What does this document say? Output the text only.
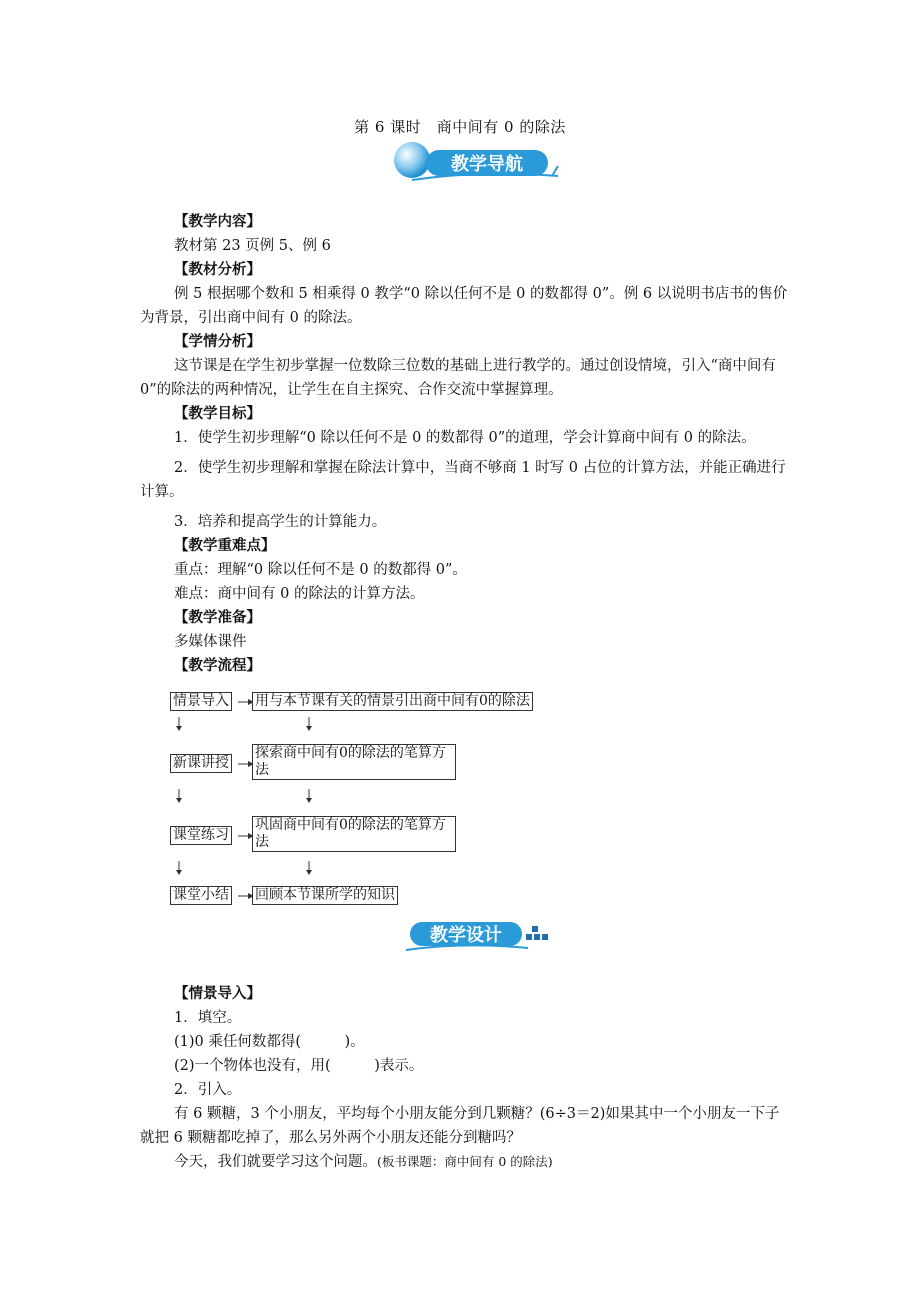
第 6 课时　商中间有 0 的除法
教学导航
【教学内容】
教材第 23 页例 5、例 6
【教材分析】
例 5 根据哪个数和 5 相乘得 0 教学“0 除以任何不是 0 的数都得 0”。例 6 以说明书店书的售价为背景，引出商中间有 0 的除法。
【学情分析】
这节课是在学生初步掌握一位数除三位数的基础上进行教学的。通过创设情境，引入“商中间有 0”的除法的两种情况，让学生在自主探究、合作交流中掌握算理。
【教学目标】
1．使学生初步理解“0 除以任何不是 0 的数都得 0”的道理，学会计算商中间有 0 的除法。
2．使学生初步理解和掌握在除法计算中，当商不够商 1 时写 0 占位的计算方法，并能正确进行计算。
3．培养和提高学生的计算能力。
【教学重难点】
重点：理解“0 除以任何不是 0 的数都得 0”。
难点：商中间有 0 的除法的计算方法。
【教学准备】
多媒体课件
【教学流程】
情景导入 用与本节课有关的情景引出商中间有0的除法
新课讲授
探索商中间有0的除法的笔算方法
课堂练习
巩固商中间有0的除法的笔算方法
课堂小结 回顾本节课所学的知识
教学设计
【情景导入】
1．填空。
(1)0 乘任何数都得(　　　)。
(2)一个物体也没有，用(　　　)表示。
2．引入。
有 6 颗糖，3 个小朋友，平均每个小朋友能分到几颗糖？(6÷3＝2)如果其中一个小朋友一下子就把 6 颗糖都吃掉了，那么另外两个小朋友还能分到糖吗？
今天，我们就要学习这个问题。(板书课题：商中间有 0 的除法)
